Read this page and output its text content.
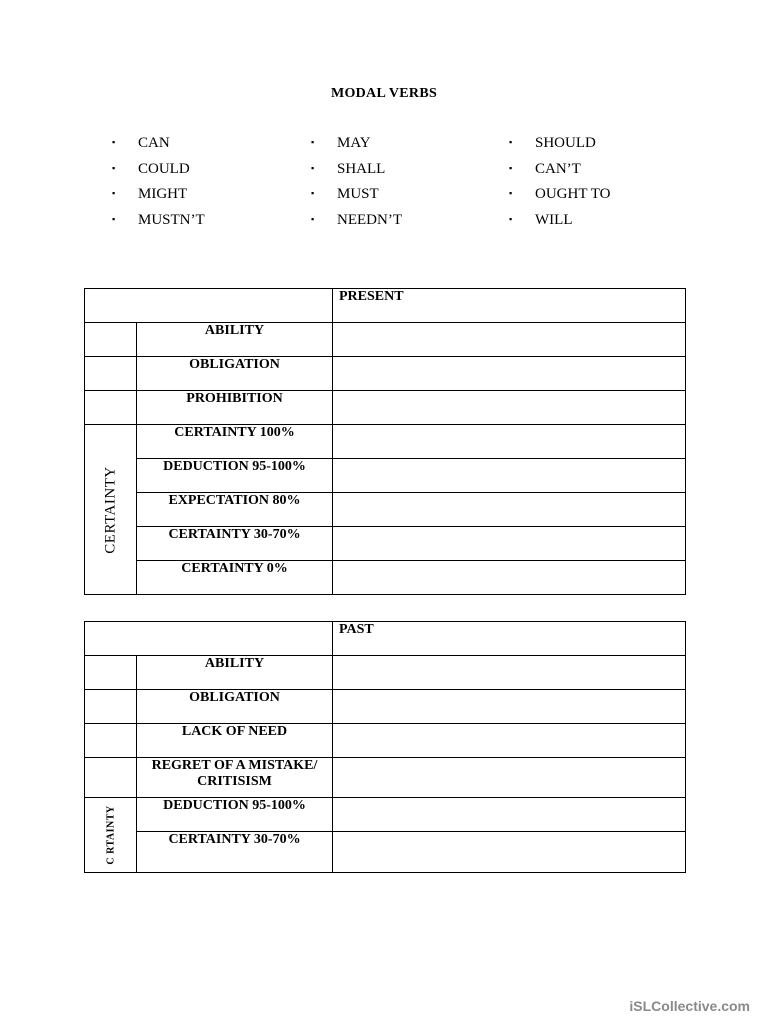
MODAL VERBS
▪ CAN
▪ COULD
▪ MIGHT
▪ MUSTN’T
▪ MAY
▪ SHALL
▪ MUST
▪ NEEDN’T
▪ SHOULD
▪ CAN’T
▪ OUGHT TO
▪ WILL
		PRESENT
	ABILITY	
	OBLIGATION	
	PROHIBITION	

CERTAINTY	CERTAINTY 100%	
	DEDUCTION 95-100%	
	EXPECTATION 80%	
	CERTAINTY 30-70%	
	CERTAINTY 0%	
		PAST
	ABILITY	
	OBLIGATION	
	LACK OF NEED	
	REGRET OF A MISTAKE/ CRITISISM	

C RTAINTY	DEDUCTION 95-100%	
	CERTAINTY 30-70%	
iSLCollective.com
